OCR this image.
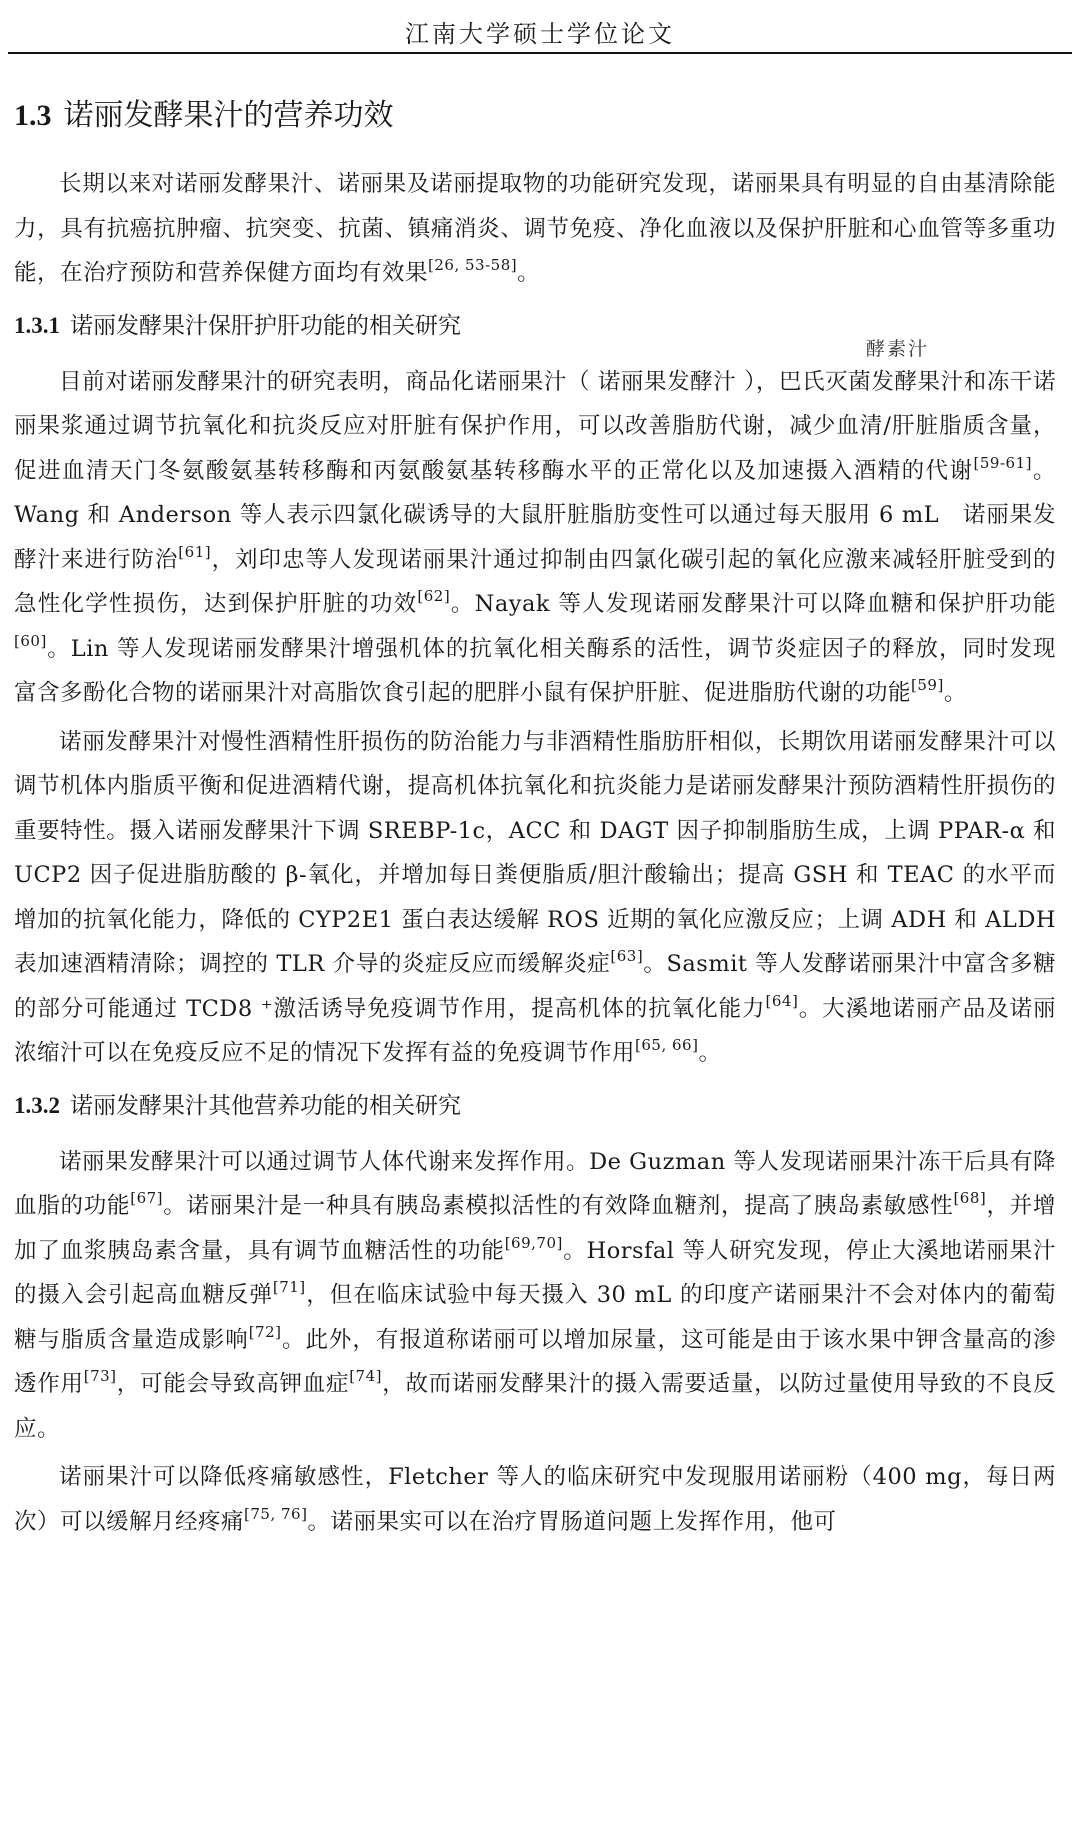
江南大学硕士学位论文
酵素汁
1.3 诺丽发酵果汁的营养功效

长期以来对诺丽发酵果汁、诺丽果及诺丽提取物的功能研究发现，诺丽果具有明显的自由基清除能力，具有抗癌抗肿瘤、抗突变、抗菌、镇痛消炎、调节免疫、净化血液以及保护肝脏和心血管等多重功能，在治疗预防和营养保健方面均有效果[26, 53-58]。

1.3.1 诺丽发酵果汁保肝护肝功能的相关研究

目前对诺丽发酵果汁的研究表明，商品化诺丽果汁（ 诺丽果发酵汁 ），巴氏灭菌发酵果汁和冻干诺丽果浆通过调节抗氧化和抗炎反应对肝脏有保护作用，可以改善脂肪代谢，减少血清/肝脏脂质含量，促进血清天门冬氨酸氨基转移酶和丙氨酸氨基转移酶水平的正常化以及加速摄入酒精的代谢[59-61]。Wang 和 Anderson 等人表示四氯化碳诱导的大鼠肝脏脂肪变性可以通过每天服用 6 mL　诺丽果发酵汁来进行防治[61]，刘印忠等人发现诺丽果汁通过抑制由四氯化碳引起的氧化应激来减轻肝脏受到的急性化学性损伤，达到保护肝脏的功效[62]。Nayak 等人发现诺丽发酵果汁可以降血糖和保护肝功能[60]。Lin 等人发现诺丽发酵果汁增强机体的抗氧化相关酶系的活性，调节炎症因子的释放，同时发现富含多酚化合物的诺丽果汁对高脂饮食引起的肥胖小鼠有保护肝脏、促进脂肪代谢的功能[59]。

诺丽发酵果汁对慢性酒精性肝损伤的防治能力与非酒精性脂肪肝相似，长期饮用诺丽发酵果汁可以调节机体内脂质平衡和促进酒精代谢，提高机体抗氧化和抗炎能力是诺丽发酵果汁预防酒精性肝损伤的重要特性。摄入诺丽发酵果汁下调 SREBP-1c，ACC 和 DAGT 因子抑制脂肪生成，上调 PPAR-α 和 UCP2 因子促进脂肪酸的 β-氧化，并增加每日粪便脂质/胆汁酸输出；提高 GSH 和 TEAC 的水平而增加的抗氧化能力，降低的 CYP2E1 蛋白表达缓解 ROS 近期的氧化应激反应；上调 ADH 和 ALDH 表加速酒精清除；调控的 TLR 介导的炎症反应而缓解炎症[63]。Sasmit 等人发酵诺丽果汁中富含多糖的部分可能通过 TCD8 ⁺激活诱导免疫调节作用，提高机体的抗氧化能力[64]。大溪地诺丽产品及诺丽浓缩汁可以在免疫反应不足的情况下发挥有益的免疫调节作用[65, 66]。

1.3.2 诺丽发酵果汁其他营养功能的相关研究

诺丽果发酵果汁可以通过调节人体代谢来发挥作用。De Guzman 等人发现诺丽果汁冻干后具有降血脂的功能[67]。诺丽果汁是一种具有胰岛素模拟活性的有效降血糖剂，提高了胰岛素敏感性[68]，并增加了血浆胰岛素含量，具有调节血糖活性的功能[69,70]。Horsfal 等人研究发现，停止大溪地诺丽果汁的摄入会引起高血糖反弹[71]，但在临床试验中每天摄入 30 mL 的印度产诺丽果汁不会对体内的葡萄糖与脂质含量造成影响[72]。此外，有报道称诺丽可以增加尿量，这可能是由于该水果中钾含量高的渗透作用[73]，可能会导致高钾血症[74]，故而诺丽发酵果汁的摄入需要适量，以防过量使用导致的不良反应。

诺丽果汁可以降低疼痛敏感性，Fletcher 等人的临床研究中发现服用诺丽粉（400 mg，每日两次）可以缓解月经疼痛[75, 76]。诺丽果实可以在治疗胃肠道问题上发挥作用，他可
